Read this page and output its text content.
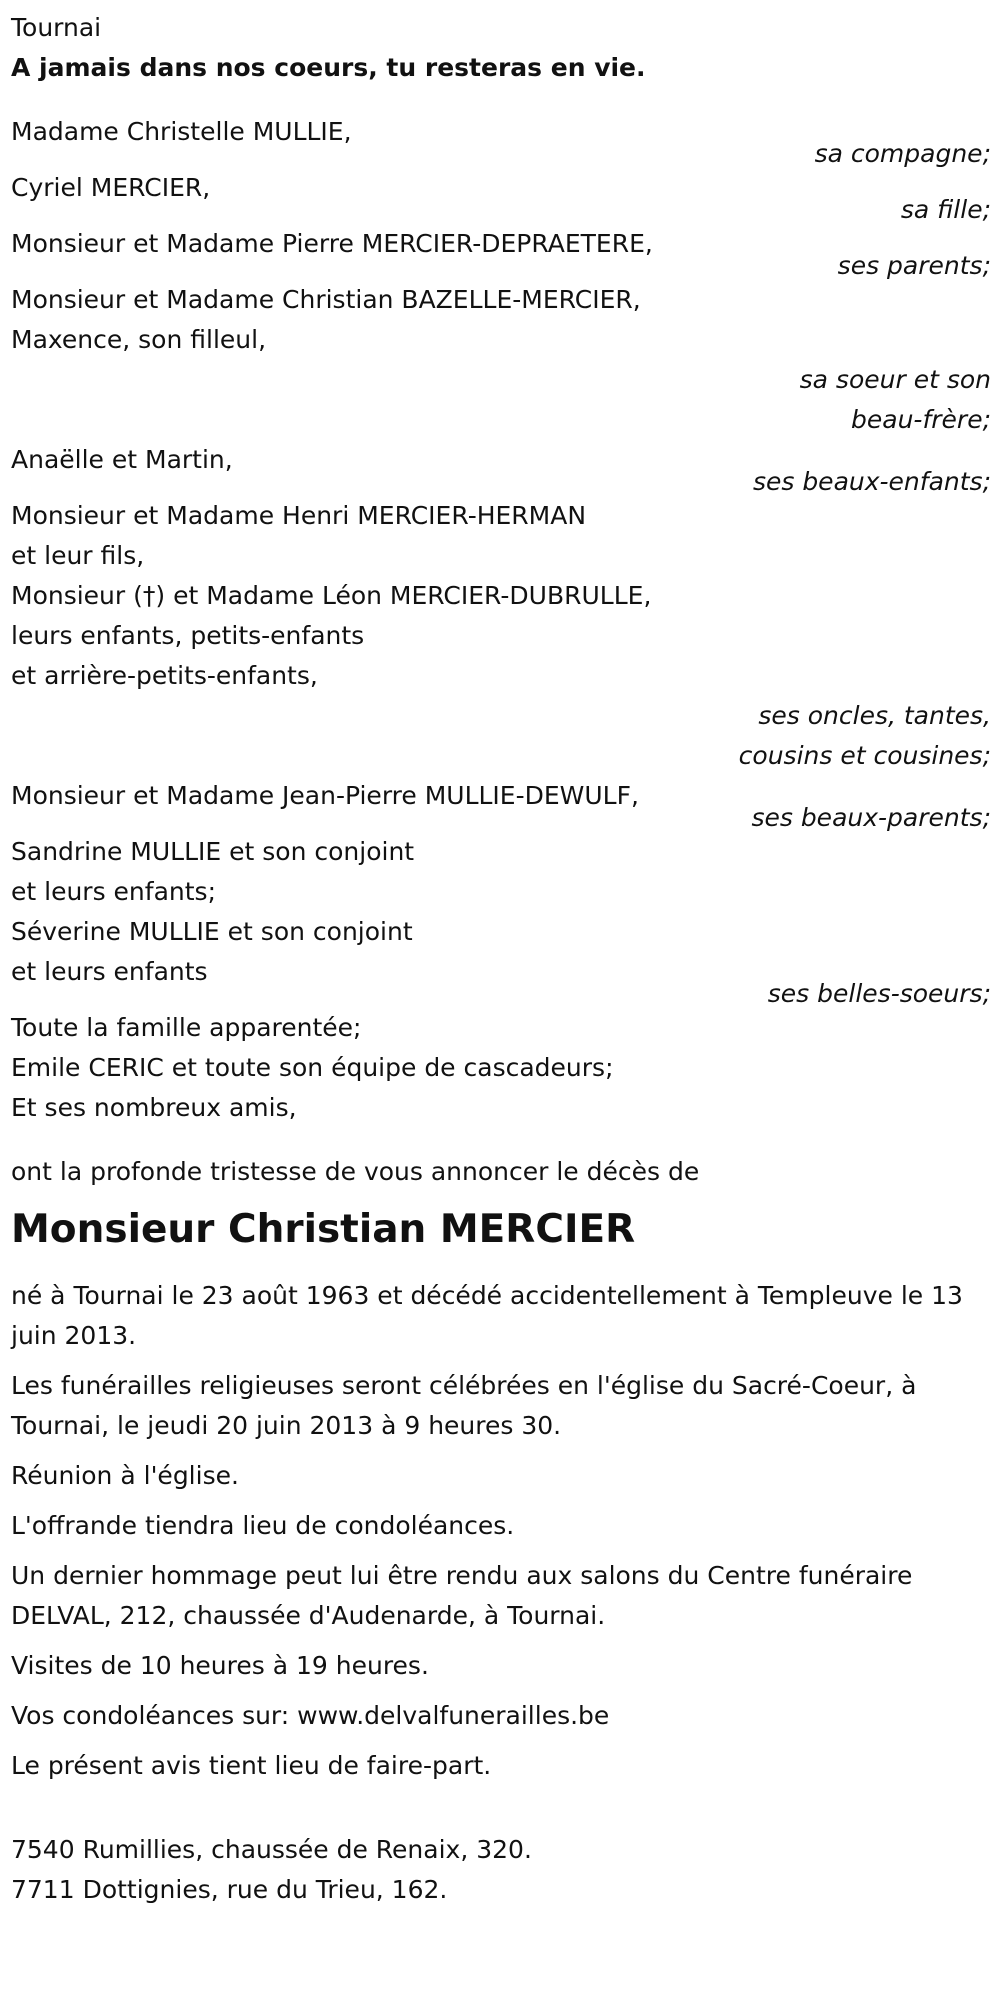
Tournai
A jamais dans nos coeurs, tu resteras en vie.
Madame Christelle MULLIE,
sa compagne;
Cyriel MERCIER,
sa fille;
Monsieur et Madame Pierre MERCIER-DEPRAETERE,
ses parents;
Monsieur et Madame Christian BAZELLE-MERCIER,
Maxence, son filleul,
sa soeur et son
beau-frère;
Anaëlle et Martin,
ses beaux-enfants;
Monsieur et Madame Henri MERCIER-HERMAN
et leur fils,
Monsieur (†) et Madame Léon MERCIER-DUBRULLE,
leurs enfants, petits-enfants
et arrière-petits-enfants,
ses oncles, tantes,
cousins et cousines;
Monsieur et Madame Jean-Pierre MULLIE-DEWULF,
ses beaux-parents;
Sandrine MULLIE et son conjoint
et leurs enfants;
Séverine MULLIE et son conjoint
et leurs enfants
ses belles-soeurs;
Toute la famille apparentée;
Emile CERIC et toute son équipe de cascadeurs;
Et ses nombreux amis,
ont la profonde tristesse de vous annoncer le décès de
Monsieur Christian MERCIER
né à Tournai le 23 août 1963 et décédé accidentellement à Templeuve le 13 juin 2013.
Les funérailles religieuses seront célébrées en l'église du Sacré-Coeur, à Tournai, le jeudi 20 juin 2013 à 9 heures 30.
Réunion à l'église.
L'offrande tiendra lieu de condoléances.
Un dernier hommage peut lui être rendu aux salons du Centre funéraire DELVAL, 212, chaussée d'Audenarde, à Tournai.
Visites de 10 heures à 19 heures.
Vos condoléances sur: www.delvalfunerailles.be
Le présent avis tient lieu de faire-part.
7540 Rumillies, chaussée de Renaix, 320.
7711 Dottignies, rue du Trieu, 162.
